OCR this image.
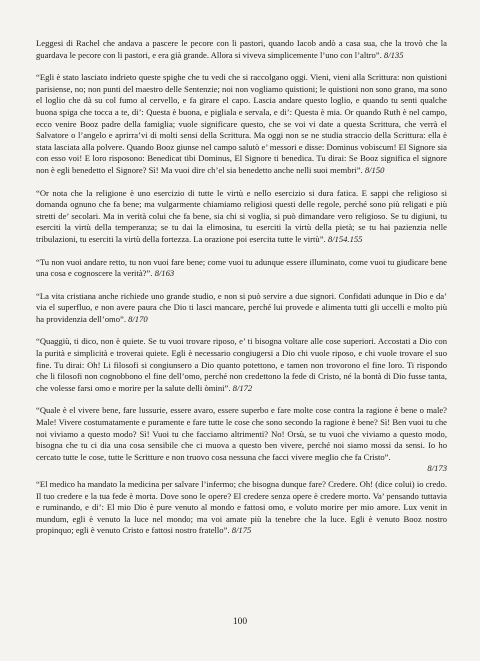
Leggesi di Rachel che andava a pascere le pecore con li pastori, quando Iacob andò a casa sua, che la trovò che la guardava le pecore con li pastori, e era già grande. Allora si viveva simplicemente l’uno con l’altro”. 8/135

“Egli è stato lasciato indrieto queste spighe che tu vedi che si raccolgano oggi. Vieni, vieni alla Scrittura: non quistioni parisiense, no; non punti del maestro delle Sentenzie; noi non vogliamo quistioni; le quistioni non sono grano, ma sono el loglio che dà su col fumo al cervello, e fa girare el capo. Lascia andare questo loglio, e quando tu senti qualche buona spiga che tocca a te, di’: Questa è buona, e pigliala e servala, e di’: Questa è mia. Or quando Ruth è nel campo, ecco venire Booz padre della famiglia; vuole significare questo, che se voi vi date a questa Scrittura, che verrà el Salvatore o l’angelo e aprirra’vi di molti sensi della Scrittura. Ma oggi non se ne studia straccio della Scrittura: ella è stata lasciata alla polvere. Quando Booz giunse nel campo salutò e’ messori e disse: Dominus vobiscum! El Signore sia con esso voi! E loro risposono: Benedicat tibi Dominus, El Signore ti benedica. Tu dirai: Se Booz significa el signore non è egli benedetto el Signore? Sì! Ma vuoi dire ch’el sia benedetto anche nelli suoi membri”. 8/150

“Or nota che la religione è uno esercizio di tutte le virtù e nello esercizio si dura fatica. E sappi che religioso si domanda ognuno che fa bene; ma vulgarmente chiamiamo religiosi questi delle regole, perché sono più religati e più stretti de’ secolari. Ma in verità colui che fa bene, sia chi si voglia, si può dimandare vero religioso. Se tu digiuni, tu eserciti la virtù della temperanza; se tu dai la elimosina, tu eserciti la virtù della pietà; se tu hai pazienzia nelle tribulazioni, tu eserciti la virtù della fortezza. La orazione poi esercita tutte le virtù”. 8/154.155

“Tu non vuoi andare retto, tu non vuoi fare bene; come vuoi tu adunque essere illuminato, come vuoi tu giudicare bene una cosa e cognoscere la verità?”. 8/163

“La vita cristiana anche richiede uno grande studio, e non si può servire a due signori. Confidati adunque in Dio e da’ via el superfluo, e non avere paura che Dio ti lasci mancare, perché lui provede e alimenta tutti gli uccelli e molto più ha providenzia dell’omo”. 8/170

“Quaggiù, ti dico, non è quiete. Se tu vuoi trovare riposo, e’ ti bisogna voltare alle cose superiori. Accostati a Dio con la purità e simplicità e troverai quiete. Egli è necessario congiugersi a Dio chi vuole riposo, e chi vuole trovare el suo fine. Tu dirai: Oh! Li filosofi si congiunsero a Dio quanto potettono, e tamen non trovorono el fine loro. Ti rispondo che li filosofi non cognobbono el fine dell’omo, perché non credettono la fede di Cristo, né la bontà di Dio fusse tanta, che volesse farsi omo e morire per la salute delli òmini”. 8/172

“Quale è el vivere bene, fare lussurie, essere avaro, essere superbo e fare molte cose contra la ragione è bene o male? Male! Vivere costumatamente e puramente e fare tutte le cose che sono secondo la ragione è bene? Sì! Ben vuoi tu che noi viviamo a questo modo? Sì! Vuoi tu che facciamo altrimenti? No! Orsù, se tu vuoi che viviamo a questo modo, bisogna che tu ci dia una cosa sensibile che ci muova a questo ben vivere, perché noi siamo mossi da sensi. Io ho cercato tutte le cose, tutte le Scritture e non truovo cosa nessuna che facci vivere meglio che fa Cristo”.
8/173

“El medico ha mandato la medicina per salvare l’infermo; che bisogna dunque fare? Credere. Oh! (dice colui) io credo. Il tuo credere e la tua fede è morta. Dove sono le opere? El credere senza opere è credere morto. Va’ pensando tuttavia e ruminando, e di’: El mio Dio è pure venuto al mondo e fattosi omo, e voluto morire per mio amore. Lux venit in mundum, egli è venuto la luce nel mondo; ma voi amate più la tenebre che la luce. Egli è venuto Booz nostro propinquo; egli è venuto Cristo e fattosi nostro fratello”. 8/175

100
